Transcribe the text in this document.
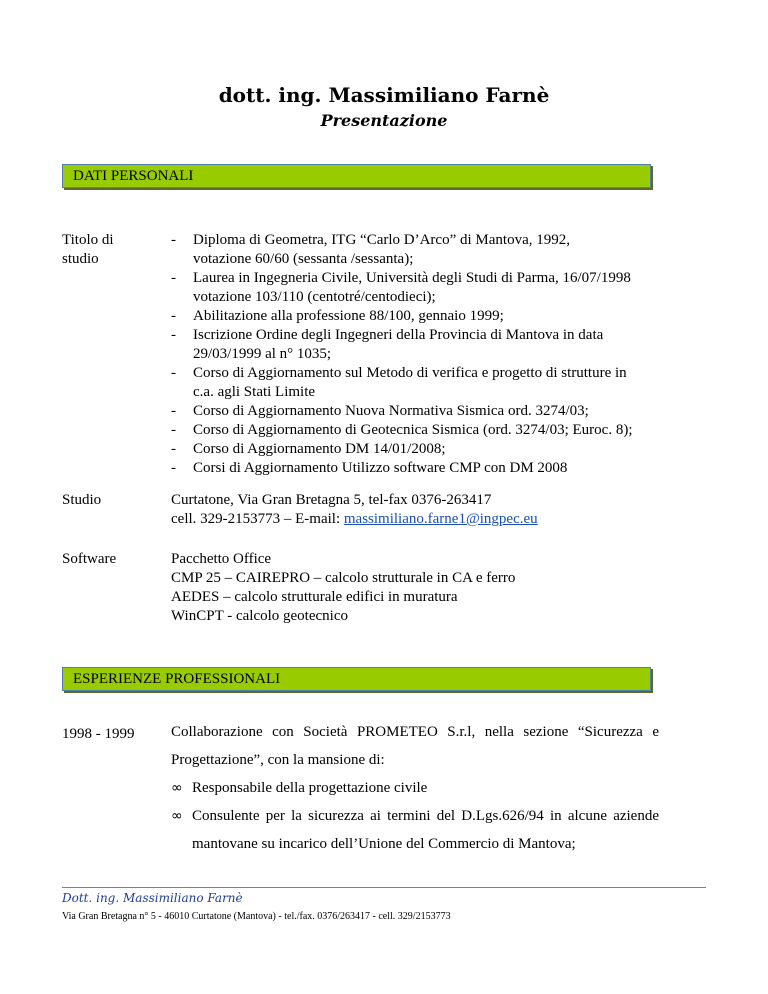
dott. ing. Massimiliano Farnè
Presentazione
DATI PERSONALI
Titolo di
studio
- Diploma di Geometra, ITG “Carlo D’Arco” di Mantova, 1992,
votazione 60/60 (sessanta /sessanta);
- Laurea in Ingegneria Civile, Università degli Studi di Parma, 16/07/1998
votazione 103/110 (centotré/centodieci);
- Abilitazione alla professione 88/100, gennaio 1999;
- Iscrizione Ordine degli Ingegneri della Provincia di Mantova in data
29/03/1999 al n° 1035;
- Corso di Aggiornamento sul Metodo di verifica e progetto di strutture in
c.a. agli Stati Limite
- Corso di Aggiornamento Nuova Normativa Sismica ord. 3274/03;
- Corso di Aggiornamento di Geotecnica Sismica (ord. 3274/03; Euroc. 8);
- Corso di Aggiornamento DM 14/01/2008;
- Corsi di Aggiornamento Utilizzo software CMP con DM 2008
Studio	Curtatone, Via Gran Bretagna 5, tel-fax 0376-263417
cell. 329-2153773 – E-mail: massimiliano.farne1@ingpec.eu
Software	Pacchetto Office
CMP 25 – CAIREPRO – calcolo strutturale in CA e ferro
AEDES – calcolo strutturale edifici in muratura
WinCPT - calcolo geotecnico
ESPERIENZE PROFESSIONALI
1998 - 1999 Collaborazione con Società PROMETEO S.r.l, nella sezione “Sicurezza e Progettazione”, con la mansione di:

∞ Responsabile della progettazione civile
∞ Consulente per la sicurezza ai termini del D.Lgs.626/94 in alcune aziende mantovane su incarico dell’Unione del Commercio di Mantova;
Dott. ing. Massimiliano Farnè
Via Gran Bretagna n° 5 - 46010 Curtatone (Mantova) - tel./fax. 0376/263417 - cell. 329/2153773
